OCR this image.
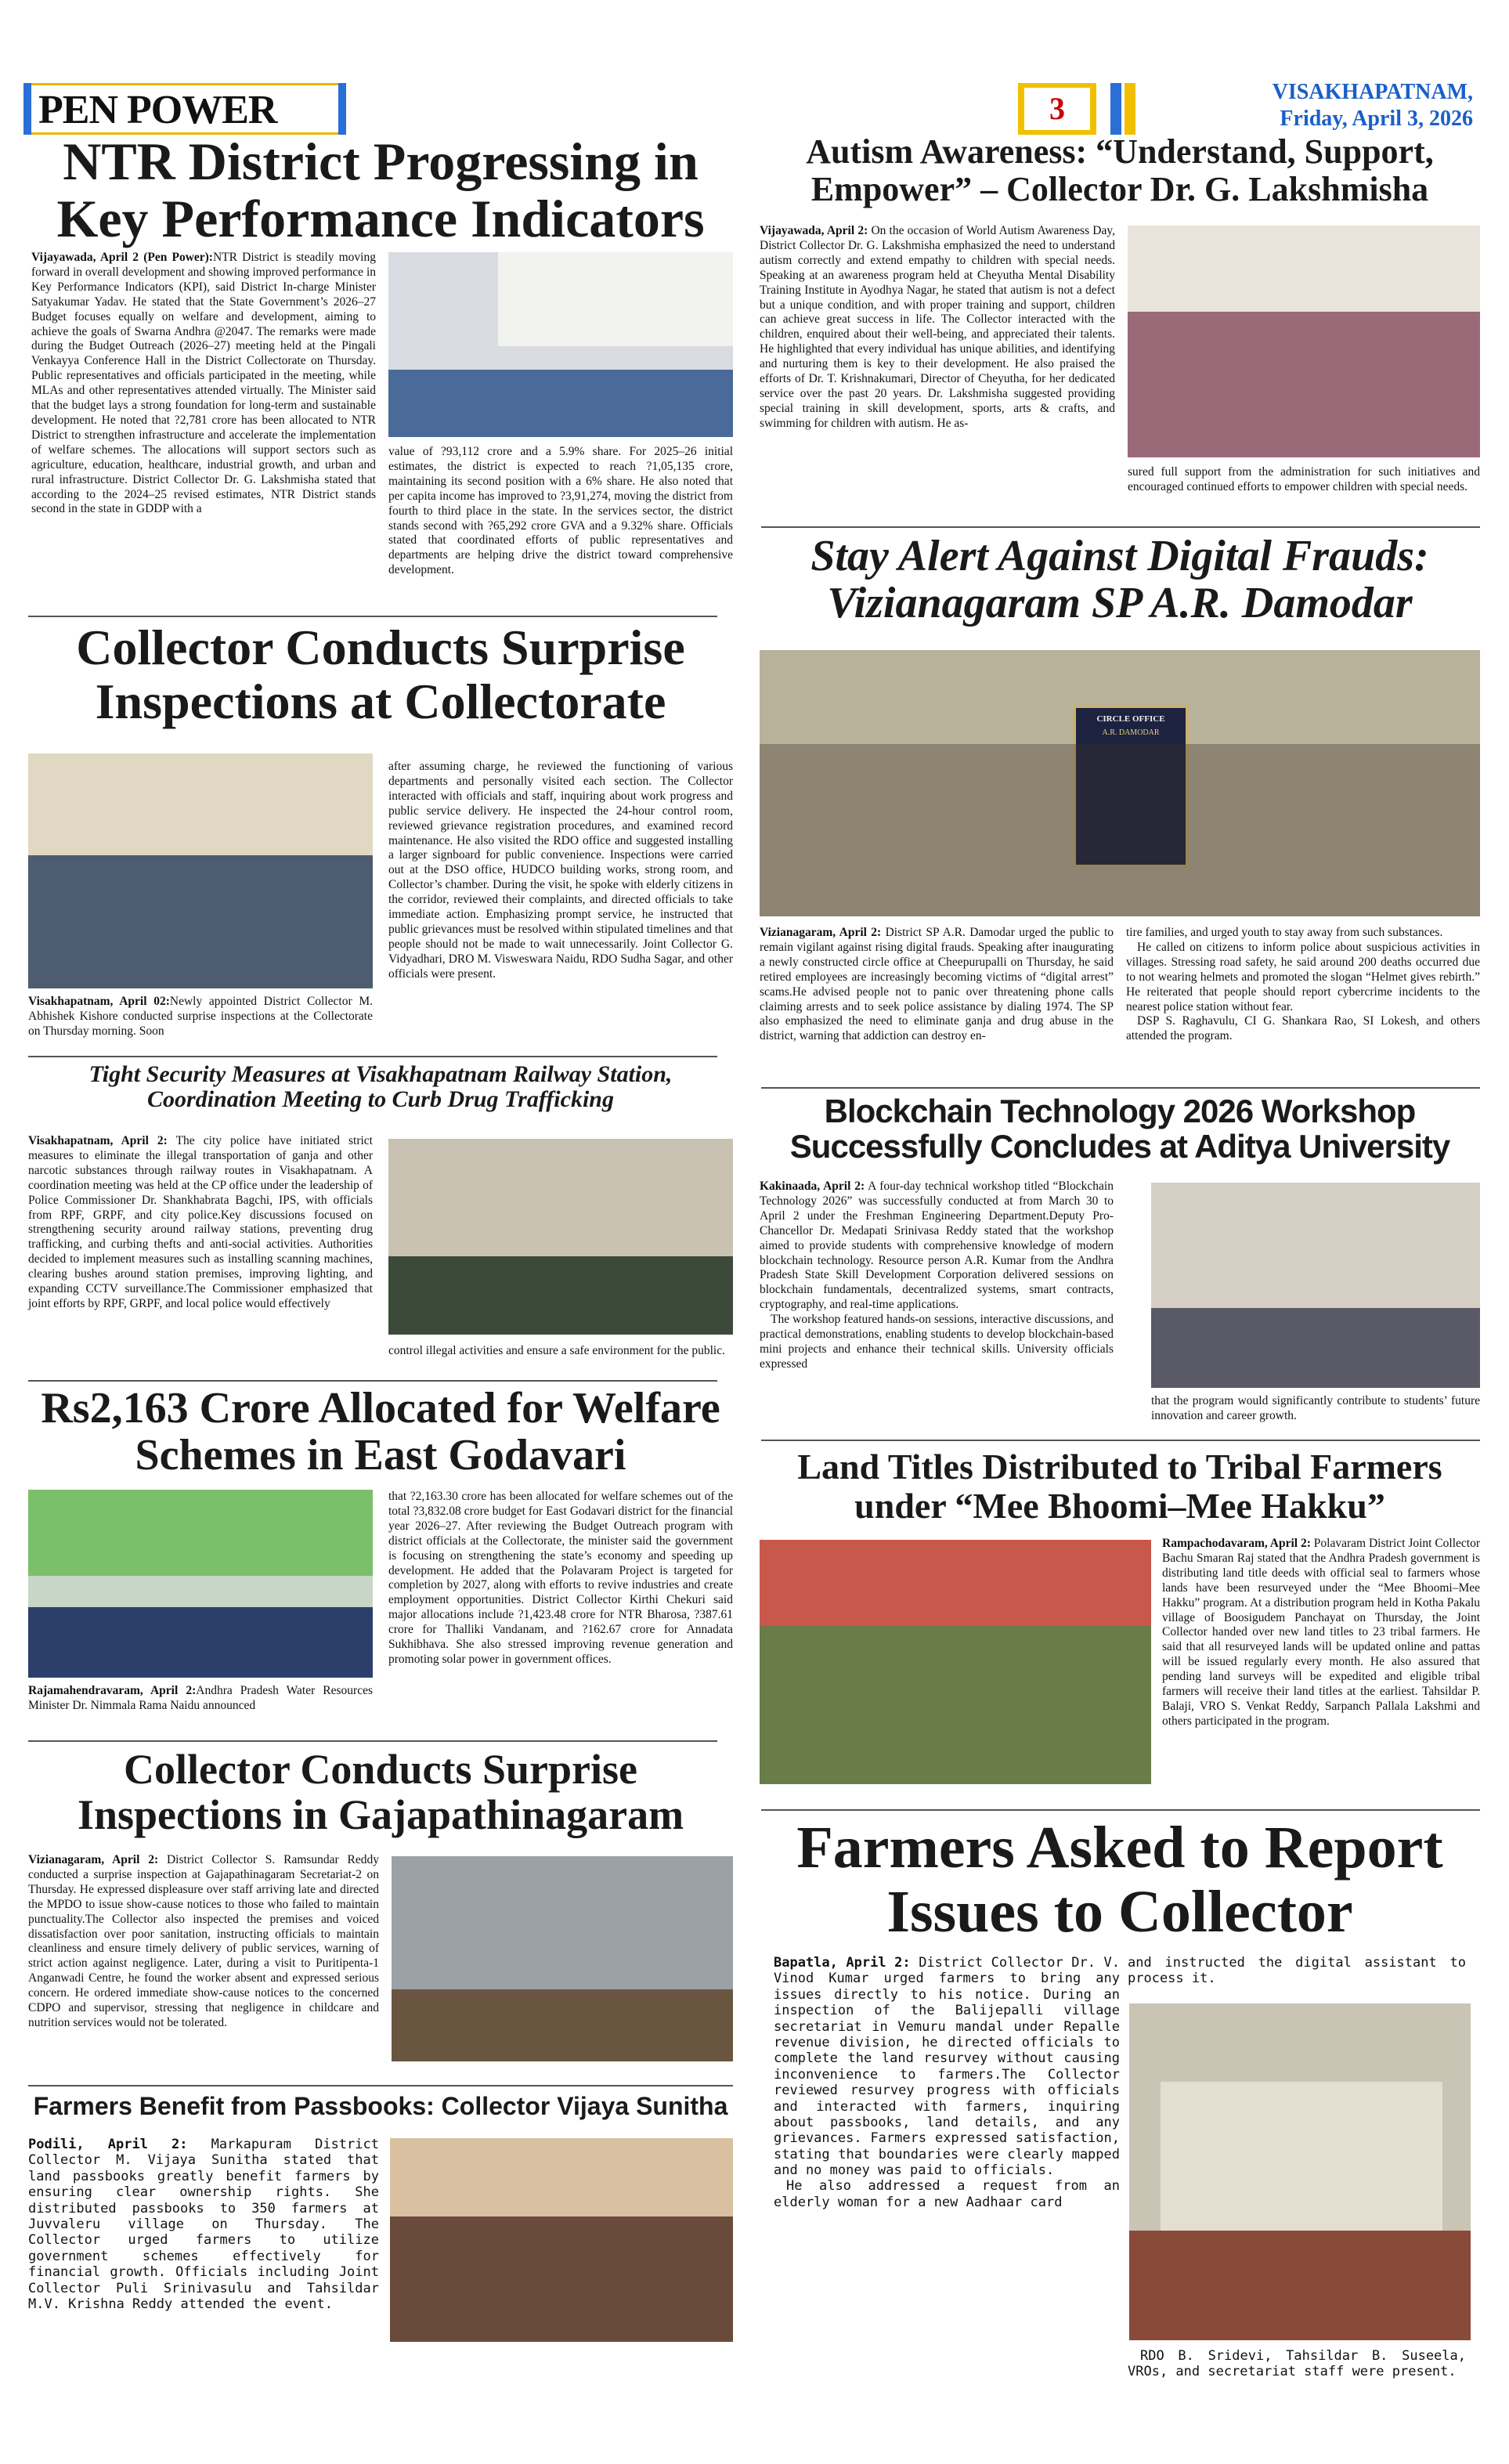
PEN POWER	3	VISAKHAPATNAM,
Friday, April 3, 2026
NTR District Progressing in
Key Performance Indicators

Vijayawada, April 2 (Pen Power):NTR District is steadily moving forward in overall development and showing improved performance in Key Performance Indicators (KPI), said District In-charge Minister Satyakumar Yadav. He stated that the State Government’s 2026–27 Budget focuses equally on welfare and development, aiming to achieve the goals of Swarna Andhra @2047. The remarks were made during the Budget Outreach (2026–27) meeting held at the Pingali Venkayya Conference Hall in the District Collectorate on Thursday. Public representatives and officials participated in the meeting, while MLAs and other representatives attended virtually. The Minister said that the budget lays a strong foundation for long-term and sustainable development. He noted that ?2,781 crore has been allocated to NTR District to strengthen infrastructure and accelerate the implementation of welfare schemes. The allocations will support sectors such as agriculture, education, healthcare, industrial growth, and urban and rural infrastructure. District Collector Dr. G. Lakshmisha stated that according to the 2024–25 revised estimates, NTR District stands second in the state in GDDP with a

value of ?93,112 crore and a 5.9% share. For 2025–26 initial estimates, the district is expected to reach ?1,05,135 crore, maintaining its second position with a 6% share. He also noted that per capita income has improved to ?3,91,274, moving the district from fourth to third place in the state. In the services sector, the district stands second with ?65,292 crore GVA and a 9.32% share. Officials stated that coordinated efforts of public representatives and departments are helping drive the district toward comprehensive development.

Autism Awareness: “Understand, Support,
Empower” – Collector Dr. G. Lakshmisha

Vijayawada, April 2: On the occasion of World Autism Awareness Day, District Collector Dr. G. Lakshmisha emphasized the need to understand autism correctly and extend empathy to children with special needs. Speaking at an awareness program held at Cheyutha Mental Disability Training Institute in Ayodhya Nagar, he stated that autism is not a defect but a unique condition, and with proper training and support, children can achieve great success in life. The Collector interacted with the children, enquired about their well-being, and appreciated their talents. He highlighted that every individual has unique abilities, and identifying and nurturing them is key to their development. He also praised the efforts of Dr. T. Krishnakumari, Director of Cheyutha, for her dedicated service over the past 20 years. Dr. Lakshmisha suggested providing special training in skill development, sports, arts & crafts, and swimming for children with autism. He as-

sured full support from the administration for such initiatives and encouraged continued efforts to empower children with special needs.

Stay Alert Against Digital Frauds:
Vizianagaram SP A.R. Damodar
CIRCLE OFFICE
A.R. DAMODAR

Vizianagaram, April 2: District SP A.R. Damodar urged the public to remain vigilant against rising digital frauds. Speaking after inaugurating a newly constructed circle office at Cheepurupalli on Thursday, he said retired employees are increasingly becoming victims of “digital arrest” scams.He advised people not to panic over threatening phone calls claiming arrests and to seek police assistance by dialing 1974. The SP also emphasized the need to eliminate ganja and drug abuse in the district, warning that addiction can destroy en-

tire families, and urged youth to stay away from such substances.

He called on citizens to inform police about suspicious activities in villages. Stressing road safety, he said around 200 deaths occurred due to not wearing helmets and promoted the slogan “Helmet gives rebirth.” He reiterated that people should report cybercrime incidents to the nearest police station without fear.

DSP S. Raghavulu, CI G. Shankara Rao, SI Lokesh, and others attended the program.

Collector Conducts Surprise
Inspections at Collectorate

Visakhapatnam, April 02:Newly appointed District Collector M. Abhishek Kishore conducted surprise inspections at the Collectorate on Thursday morning. Soon

after assuming charge, he reviewed the functioning of various departments and personally visited each section. The Collector interacted with officials and staff, inquiring about work progress and public service delivery. He inspected the 24-hour control room, reviewed grievance registration procedures, and examined record maintenance. He also visited the RDO office and suggested installing a larger signboard for public convenience. Inspections were carried out at the DSO office, HUDCO building works, strong room, and Collector’s chamber. During the visit, he spoke with elderly citizens in the corridor, reviewed their complaints, and directed officials to take immediate action. Emphasizing prompt service, he instructed that public grievances must be resolved within stipulated timelines and that people should not be made to wait unnecessarily. Joint Collector G. Vidyadhari, DRO M. Visweswara Naidu, RDO Sudha Sagar, and other officials were present.

Tight Security Measures at Visakhapatnam Railway Station,
Coordination Meeting to Curb Drug Trafficking

Visakhapatnam, April 2: The city police have initiated strict measures to eliminate the illegal transportation of ganja and other narcotic substances through railway routes in Visakhapatnam. A coordination meeting was held at the CP office under the leadership of Police Commissioner Dr. Shankhabrata Bagchi, IPS, with officials from RPF, GRPF, and city police.Key discussions focused on strengthening security around railway stations, preventing drug trafficking, and curbing thefts and anti-social activities. Authorities decided to implement measures such as installing scanning machines, clearing bushes around station premises, improving lighting, and expanding CCTV surveillance.The Commissioner emphasized that joint efforts by RPF, GRPF, and local police would effectively

control illegal activities and ensure a safe environment for the public.

Blockchain Technology 2026 Workshop
Successfully Concludes at Aditya University

Kakinaada, April 2: A four-day technical workshop titled “Blockchain Technology 2026” was successfully conducted at from March 30 to April 2 under the Freshman Engineering Department.Deputy Pro-Chancellor Dr. Medapati Srinivasa Reddy stated that the workshop aimed to provide students with comprehensive knowledge of modern blockchain technology. Resource person A.R. Kumar from the Andhra Pradesh State Skill Development Corporation delivered sessions on blockchain fundamentals, decentralized systems, smart contracts, cryptography, and real-time applications.

The workshop featured hands-on sessions, interactive discussions, and practical demonstrations, enabling students to develop blockchain-based mini projects and enhance their technical skills. University officials expressed

that the program would significantly contribute to students’ future innovation and career growth.

Rs2,163 Crore Allocated for Welfare
Schemes in East Godavari

Rajamahendravaram, April 2:Andhra Pradesh Water Resources Minister Dr. Nimmala Rama Naidu announced

that ?2,163.30 crore has been allocated for welfare schemes out of the total ?3,832.08 crore budget for East Godavari district for the financial year 2026–27. After reviewing the Budget Outreach program with district officials at the Collectorate, the minister said the government is focusing on strengthening the state’s economy and speeding up development. He added that the Polavaram Project is targeted for completion by 2027, along with efforts to revive industries and create employment opportunities. District Collector Kirthi Chekuri said major allocations include ?1,423.48 crore for NTR Bharosa, ?387.61 crore for Thalliki Vandanam, and ?162.67 crore for Annadata Sukhibhava. She also stressed improving revenue generation and promoting solar power in government offices.

Land Titles Distributed to Tribal Farmers
under “Mee Bhoomi–Mee Hakku”

Rampachodavaram, April 2: Polavaram District Joint Collector Bachu Smaran Raj stated that the Andhra Pradesh government is distributing land title deeds with official seal to farmers whose lands have been resurveyed under the “Mee Bhoomi–Mee Hakku” program. At a distribution program held in Kotha Pakalu village of Boosigudem Panchayat on Thursday, the Joint Collector handed over new land titles to 23 tribal farmers. He said that all resurveyed lands will be updated online and pattas will be issued regularly every month. He also assured that pending land surveys will be expedited and eligible tribal farmers will receive their land titles at the earliest. Tahsildar P. Balaji, VRO S. Venkat Reddy, Sarpanch Pallala Lakshmi and others participated in the program.

Collector Conducts Surprise
Inspections in Gajapathinagaram

Vizianagaram, April 2: District Collector S. Ramsundar Reddy conducted a surprise inspection at Gajapathinagaram Secretariat-2 on Thursday. He expressed displeasure over staff arriving late and directed the MPDO to issue show-cause notices to those who failed to maintain punctuality.The Collector also inspected the premises and voiced dissatisfaction over poor sanitation, instructing officials to maintain cleanliness and ensure timely delivery of public services, warning of strict action against negligence. Later, during a visit to Puritipenta-1 Anganwadi Centre, he found the worker absent and expressed serious concern. He ordered immediate show-cause notices to the concerned CDPO and supervisor, stressing that negligence in childcare and nutrition services would not be tolerated.

Farmers Benefit from Passbooks: Collector Vijaya Sunitha

Podili, April 2: Markapuram District Collector M. Vijaya Sunitha stated that land passbooks greatly benefit farmers by ensuring clear ownership rights. She distributed passbooks to 350 farmers at Juvvaleru village on Thursday. The Collector urged farmers to utilize government schemes effectively for financial growth. Officials including Joint Collector Puli Srinivasulu and Tahsildar M.V. Krishna Reddy attended the event.

Farmers Asked to Report
Issues to Collector

Bapatla, April 2: District Collector Dr. V. Vinod Kumar urged farmers to bring any issues directly to his notice. During an inspection of the Balijepalli village secretariat in Vemuru mandal under Repalle revenue division, he directed officials to complete the land resurvey without causing inconvenience to farmers.The Collector reviewed resurvey progress with officials and interacted with farmers, inquiring about passbooks, land details, and any grievances. Farmers expressed satisfaction, stating that boundaries were clearly mapped and no money was paid to officials.

He also addressed a request from an elderly woman for a new Aadhaar card

and instructed the digital assistant to process it.

RDO B. Sridevi, Tahsildar B. Suseela, VROs, and secretariat staff were present.
